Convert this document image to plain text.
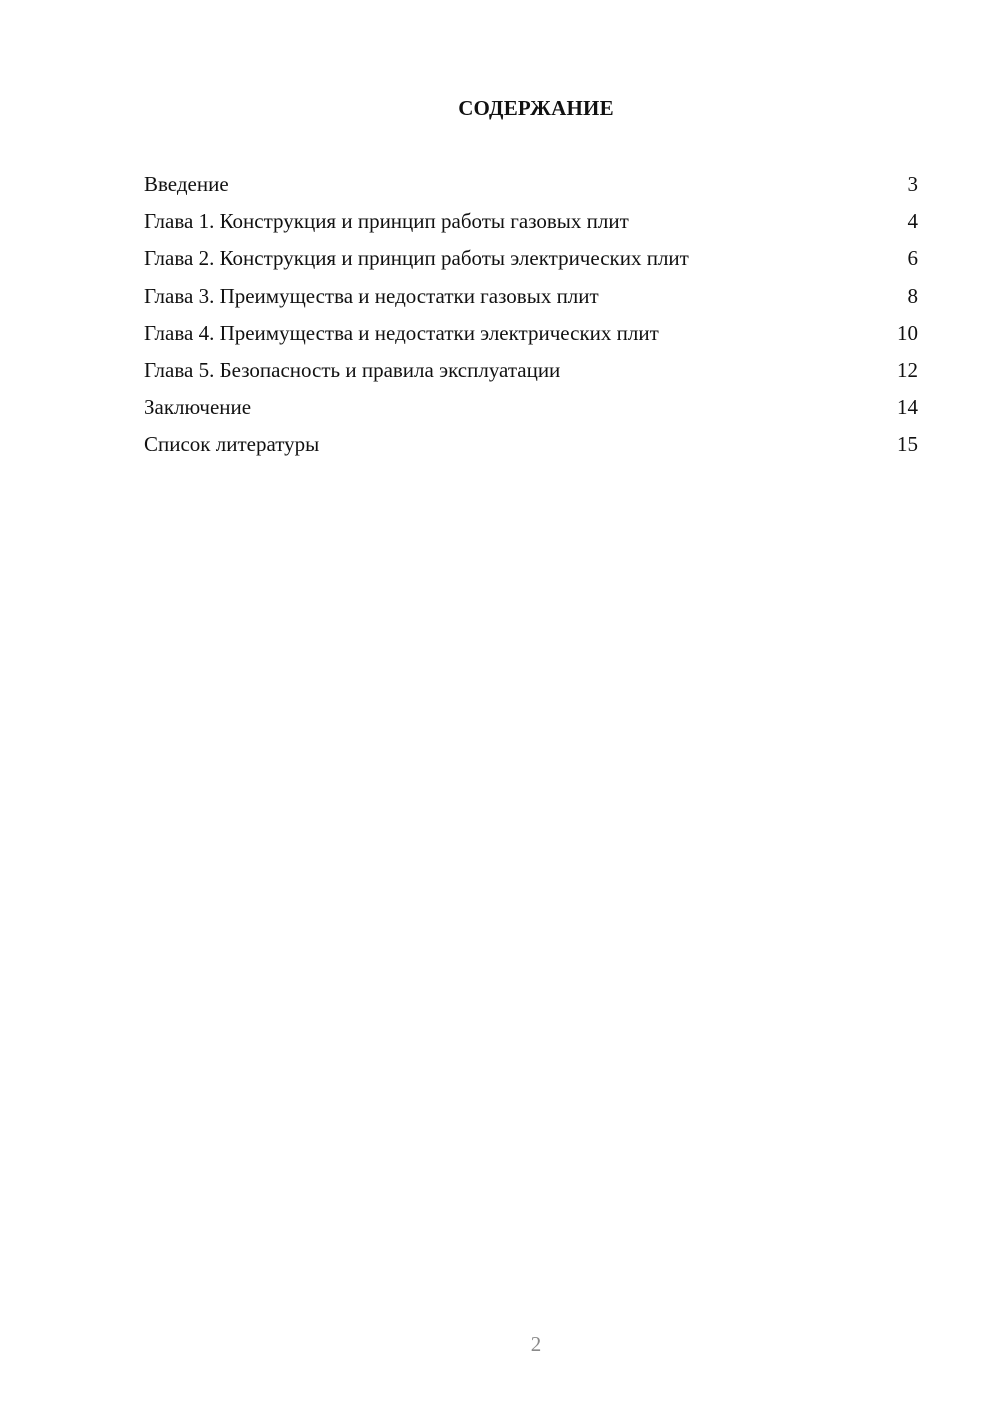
СОДЕРЖАНИЕ
Введение	3
Глава 1. Конструкция и принцип работы газовых плит	4
Глава 2. Конструкция и принцип работы электрических плит	6
Глава 3. Преимущества и недостатки газовых плит	8
Глава 4. Преимущества и недостатки электрических плит	10
Глава 5. Безопасность и правила эксплуатации	12
Заключение	14
Список литературы	15
2
